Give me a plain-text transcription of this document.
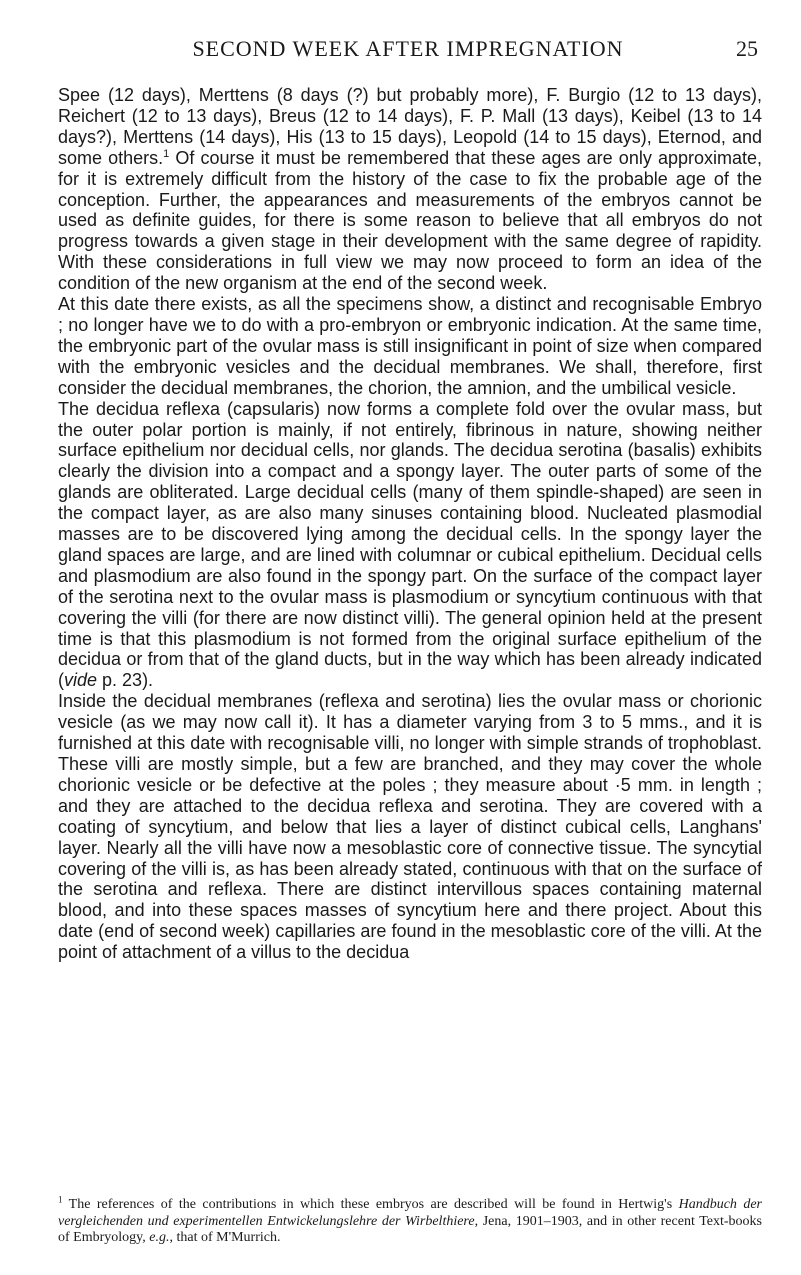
SECOND WEEK AFTER IMPREGNATION	25

Spee (12 days), Merttens (8 days (?) but probably more), F. Burgio (12 to 13 days), Reichert (12 to 13 days), Breus (12 to 14 days), F. P. Mall (13 days), Keibel (13 to 14 days?), Merttens (14 days), His (13 to 15 days), Leopold (14 to 15 days), Eternod, and some others.$^1$ Of course it must be remembered that these ages are only approximate, for it is extremely difficult from the history of the case to fix the probable age of the conception. Further, the appearances and measurements of the embryos cannot be used as definite guides, for there is some reason to believe that all embryos do not progress towards a given stage in their development with the same degree of rapidity. With these considerations in full view we may now proceed to form an idea of the condition of the new organism at the end of the second week.

At this date there exists, as all the specimens show, a distinct and recognisable Embryo ; no longer have we to do with a pro-embryon or embryonic indication. At the same time, the embryonic part of the ovular mass is still insignificant in point of size when compared with the embryonic vesicles and the decidual membranes. We shall, therefore, first consider the decidual membranes, the chorion, the amnion, and the umbilical vesicle.

The decidua reflexa (capsularis) now forms a complete fold over the ovular mass, but the outer polar portion is mainly, if not entirely, fibrinous in nature, showing neither surface epithelium nor decidual cells, nor glands. The decidua serotina (basalis) exhibits clearly the division into a compact and a spongy layer. The outer parts of some of the glands are obliterated. Large decidual cells (many of them spindle-shaped) are seen in the compact layer, as are also many sinuses containing blood. Nucleated plasmodial masses are to be discovered lying among the decidual cells. In the spongy layer the gland spaces are large, and are lined with columnar or cubical epithelium. Decidual cells and plasmodium are also found in the spongy part. On the surface of the compact layer of the serotina next to the ovular mass is plasmodium or syncytium continuous with that covering the villi (for there are now distinct villi). The general opinion held at the present time is that this plasmodium is not formed from the original surface epithelium of the decidua or from that of the gland ducts, but in the way which has been already indicated (vide p. 23).

Inside the decidual membranes (reflexa and serotina) lies the ovular mass or chorionic vesicle (as we may now call it). It has a diameter varying from 3 to 5 mms., and it is furnished at this date with recognisable villi, no longer with simple strands of trophoblast. These villi are mostly simple, but a few are branched, and they may cover the whole chorionic vesicle or be defective at the poles ; they measure about ·5 mm. in length ; and they are attached to the decidua reflexa and serotina. They are covered with a coating of syncytium, and below that lies a layer of distinct cubical cells, Langhans' layer. Nearly all the villi have now a mesoblastic core of connective tissue. The syncytial covering of the villi is, as has been already stated, continuous with that on the surface of the serotina and reflexa. There are distinct intervillous spaces containing maternal blood, and into these spaces masses of syncytium here and there project. About this date (end of second week) capillaries are found in the mesoblastic core of the villi. At the point of attachment of a villus to the decidua

$^1$ The references of the contributions in which these embryos are described will be found in Hertwig's Handbuch der vergleichenden und experimentellen Entwickelungslehre der Wirbelthiere, Jena, 1901–1903, and in other recent Text-books of Embryology, e.g., that of M'Murrich.
